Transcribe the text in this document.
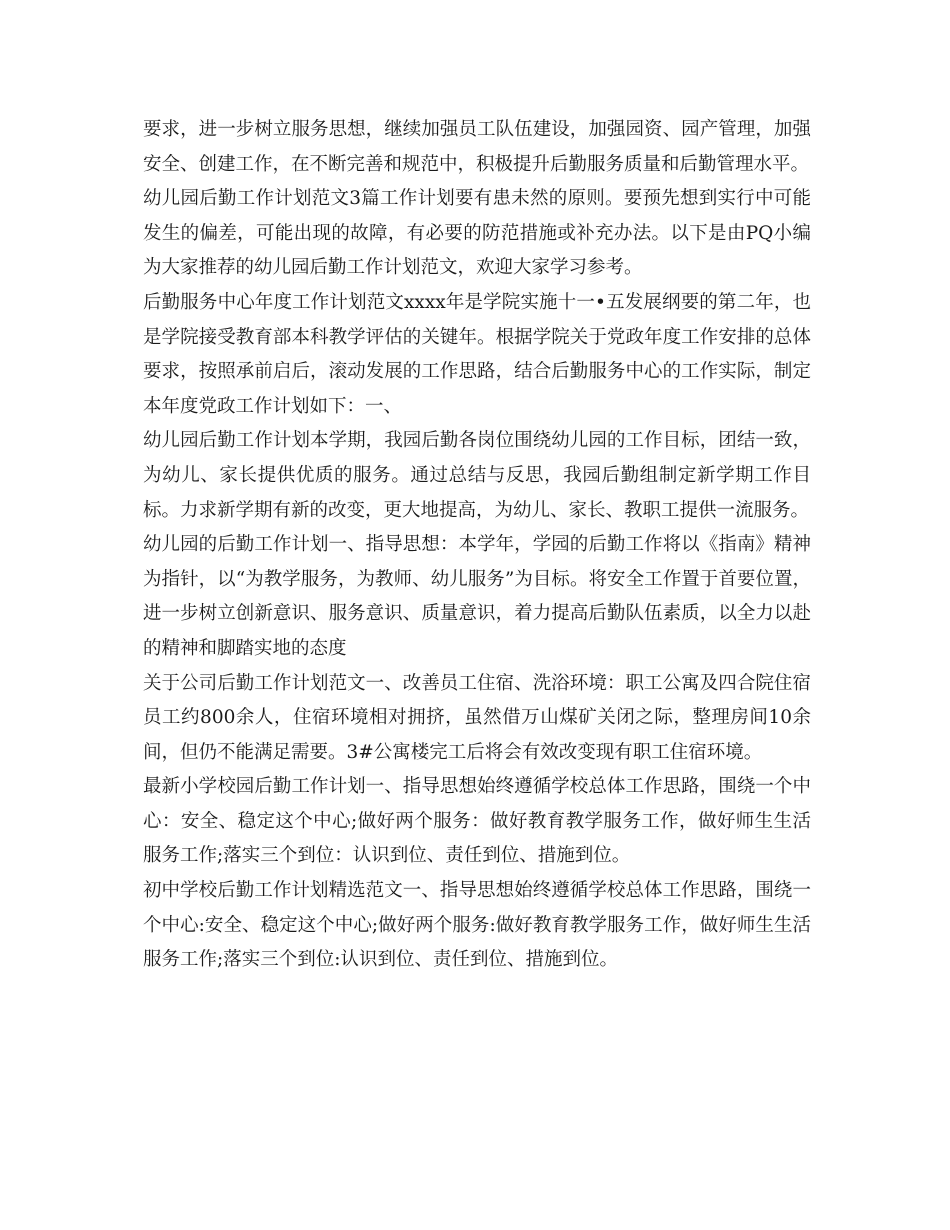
要求，进一步树立服务思想，继续加强员工队伍建设，加强园资、园产管理，加强安全、创建工作，在不断完善和规范中，积极提升后勤服务质量和后勤管理水平。

幼儿园后勤工作计划范文3篇工作计划要有患未然的原则。要预先想到实行中可能发生的偏差，可能出现的故障，有必要的防范措施或补充办法。以下是由PQ小编为大家推荐的幼儿园后勤工作计划范文，欢迎大家学习参考。

后勤服务中心年度工作计划范文xxxx年是学院实施十一•五发展纲要的第二年，也是学院接受教育部本科教学评估的关键年。根据学院关于党政年度工作安排的总体要求，按照承前启后，滚动发展的工作思路，结合后勤服务中心的工作实际，制定本年度党政工作计划如下：一、

幼儿园后勤工作计划本学期，我园后勤各岗位围绕幼儿园的工作目标，团结一致，为幼儿、家长提供优质的服务。通过总结与反思，我园后勤组制定新学期工作目标。力求新学期有新的改变，更大地提高，为幼儿、家长、教职工提供一流服务。

幼儿园的后勤工作计划一、指导思想：本学年，学园的后勤工作将以《指南》精神为指针，以“为教学服务，为教师、幼儿服务”为目标。将安全工作置于首要位置，进一步树立创新意识、服务意识、质量意识，着力提高后勤队伍素质，以全力以赴的精神和脚踏实地的态度

关于公司后勤工作计划范文一、改善员工住宿、洗浴环境：职工公寓及四合院住宿员工约800余人，住宿环境相对拥挤，虽然借万山煤矿关闭之际，整理房间10余间，但仍不能满足需要。3#公寓楼完工后将会有效改变现有职工住宿环境。

最新小学校园后勤工作计划一、指导思想始终遵循学校总体工作思路，围绕一个中心：安全、稳定这个中心;做好两个服务：做好教育教学服务工作，做好师生生活服务工作;落实三个到位：认识到位、责任到位、措施到位。

初中学校后勤工作计划精选范文一、指导思想始终遵循学校总体工作思路，围绕一个中心:安全、稳定这个中心;做好两个服务:做好教育教学服务工作，做好师生生活服务工作;落实三个到位:认识到位、责任到位、措施到位。
